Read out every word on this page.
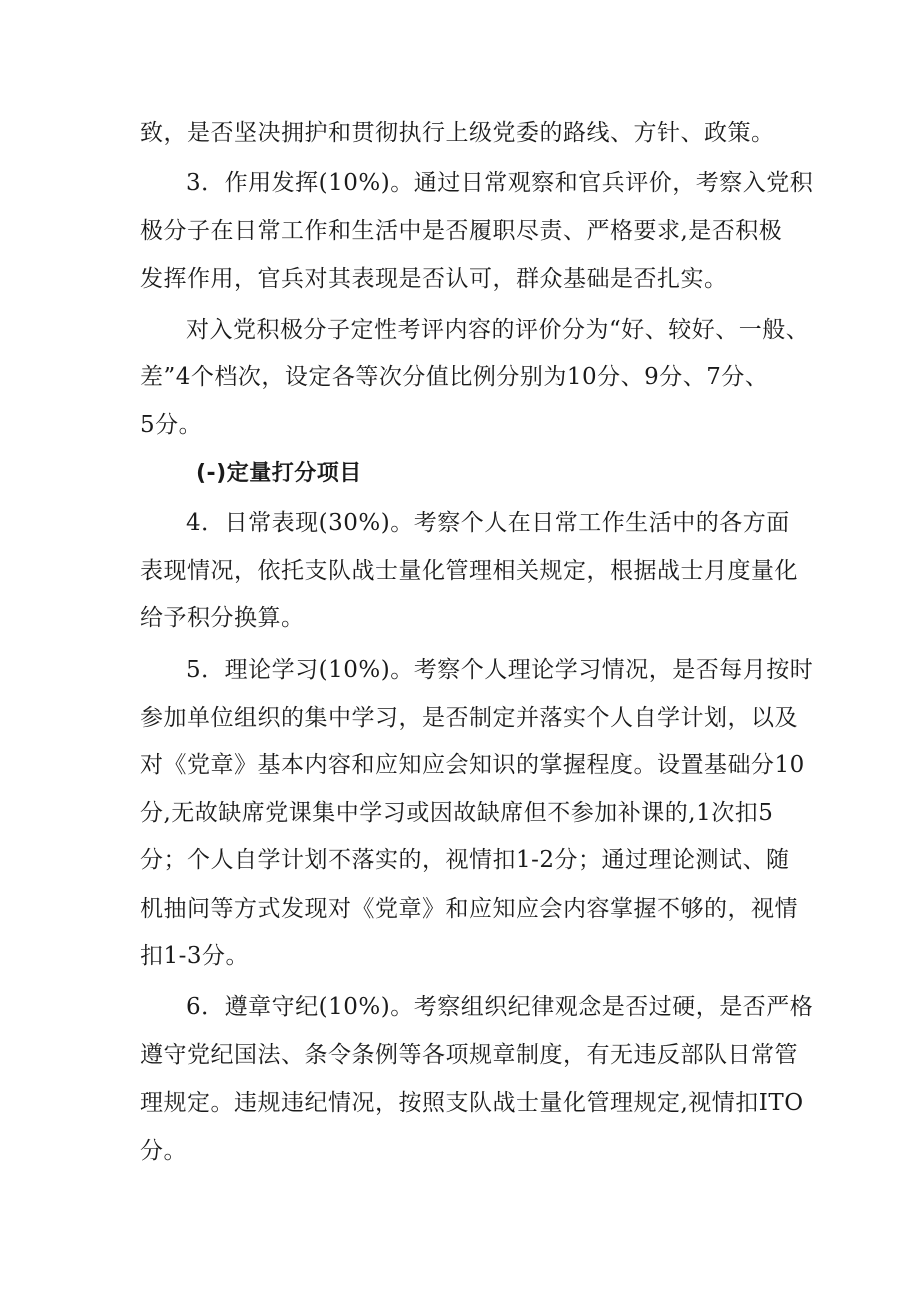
致，是否坚决拥护和贯彻执行上级党委的路线、方针、政策。
3．作用发挥(10%)。通过日常观察和官兵评价，考察入党积
极分子在日常工作和生活中是否履职尽责、严格要求,是否积极
发挥作用，官兵对其表现是否认可，群众基础是否扎实。
对入党积极分子定性考评内容的评价分为“好、较好、一般、
差”4个档次，设定各等次分值比例分别为10分、9分、7分、
5分。
(-)定量打分项目
4．日常表现(30%)。考察个人在日常工作生活中的各方面
表现情况，依托支队战士量化管理相关规定，根据战士月度量化
给予积分换算。
5．理论学习(10%)。考察个人理论学习情况，是否每月按时
参加单位组织的集中学习，是否制定并落实个人自学计划，以及
对《党章》基本内容和应知应会知识的掌握程度。设置基础分10
分,无故缺席党课集中学习或因故缺席但不参加补课的,1次扣5
分；个人自学计划不落实的，视情扣1-2分；通过理论测试、随
机抽问等方式发现对《党章》和应知应会内容掌握不够的，视情
扣1-3分。
6．遵章守纪(10%)。考察组织纪律观念是否过硬，是否严格
遵守党纪国法、条令条例等各项规章制度，有无违反部队日常管
理规定。违规违纪情况，按照支队战士量化管理规定,视情扣ITO
分。
